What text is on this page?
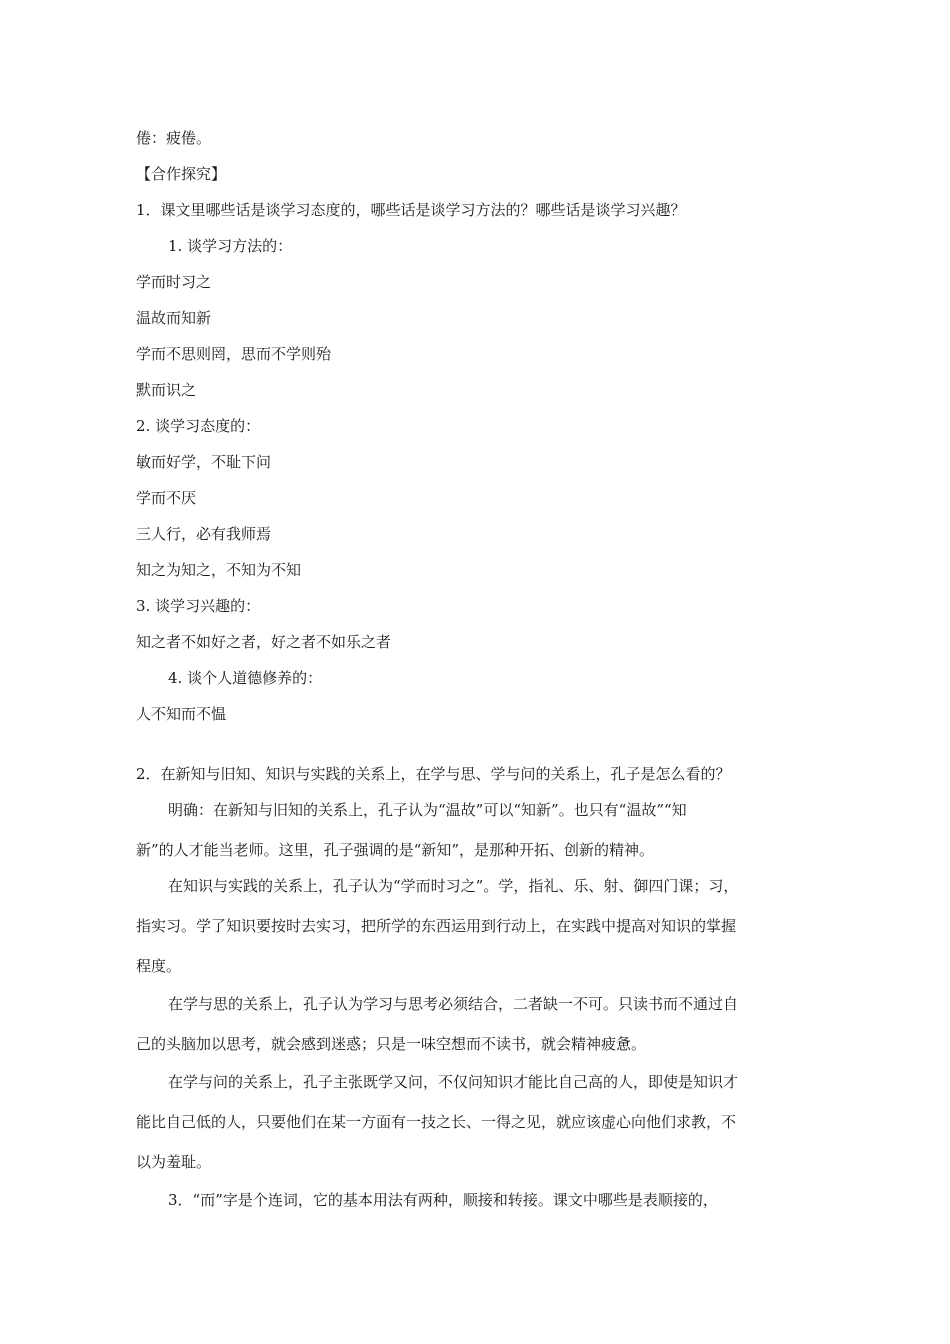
倦：疲倦。
【合作探究】
1．课文里哪些话是谈学习态度的，哪些话是谈学习方法的？哪些话是谈学习兴趣？
1. 谈学习方法的：
学而时习之
温故而知新
学而不思则罔，思而不学则殆
默而识之
2. 谈学习态度的：
敏而好学，不耻下问
学而不厌
三人行，必有我师焉
知之为知之，不知为不知
3. 谈学习兴趣的：
知之者不如好之者，好之者不如乐之者
4. 谈个人道德修养的：
人不知而不愠
2．在新知与旧知、知识与实践的关系上，在学与思、学与问的关系上，孔子是怎么看的？
明确：在新知与旧知的关系上，孔子认为“温故”可以“知新”。也只有“温故”“知
新”的人才能当老师。这里，孔子强调的是“新知”，是那种开拓、创新的精神。
在知识与实践的关系上，孔子认为“学而时习之”。学，指礼、乐、射、御四门课；习，
指实习。学了知识要按时去实习，把所学的东西运用到行动上，在实践中提高对知识的掌握
程度。
在学与思的关系上，孔子认为学习与思考必须结合，二者缺一不可。只读书而不通过自
己的头脑加以思考，就会感到迷惑；只是一味空想而不读书，就会精神疲惫。
在学与问的关系上，孔子主张既学又问，不仅问知识才能比自己高的人，即使是知识才
能比自己低的人，只要他们在某一方面有一技之长、一得之见，就应该虚心向他们求教，不
以为羞耻。
3．“而”字是个连词，它的基本用法有两种，顺接和转接。课文中哪些是表顺接的，
